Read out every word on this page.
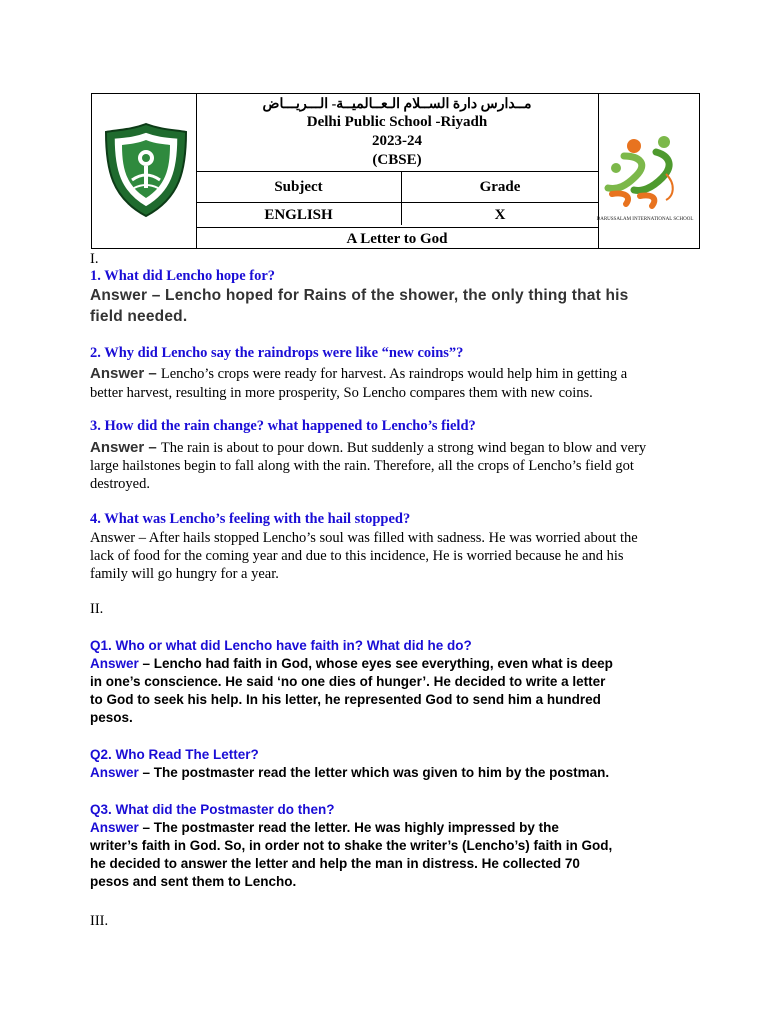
مــدارس دارة الســلام الـعــالميــة- الـــريـــاض
Delhi Public School -Riyadh
2023-24
(CBSE)
Subject	Grade
ENGLISH	X
A Letter to God
DARUSSALAM INTERNATIONAL SCHOOL
I.
1. What did Lencho hope for?
Answer – Lencho hoped for Rains of the shower, the only thing that his
field needed.
2. Why did Lencho say the raindrops were like “new coins”?
Answer – Lencho’s crops were ready for harvest. As raindrops would help him in getting a
better harvest, resulting in more prosperity, So Lencho compares them with new coins.
3. How did the rain change? what happened to Lencho’s field?
Answer – The rain is about to pour down. But suddenly a strong wind began to blow and very
large hailstones begin to fall along with the rain. Therefore, all the crops of Lencho’s field got
destroyed.
4. What was Lencho’s feeling with the hail stopped?
Answer – After hails stopped Lencho’s soul was filled with sadness. He was worried about the
lack of food for the coming year and due to this incidence, He is worried because he and his
family will go hungry for a year.
II.
Q1. Who or what did Lencho have faith in? What did he do?
Answer – Lencho had faith in God, whose eyes see everything, even what is deep
in one’s conscience. He said ‘no one dies of hunger’. He decided to write a letter
to God to seek his help. In his letter, he represented God to send him a hundred
pesos.
Q2. Who Read The Letter?
Answer – The postmaster read the letter which was given to him by the postman.
Q3. What did the Postmaster do then?
Answer – The postmaster read the letter. He was highly impressed by the
writer’s faith in God. So, in order not to shake the writer’s (Lencho’s) faith in God,
he decided to answer the letter and help the man in distress. He collected 70
pesos and sent them to Lencho.
III.
